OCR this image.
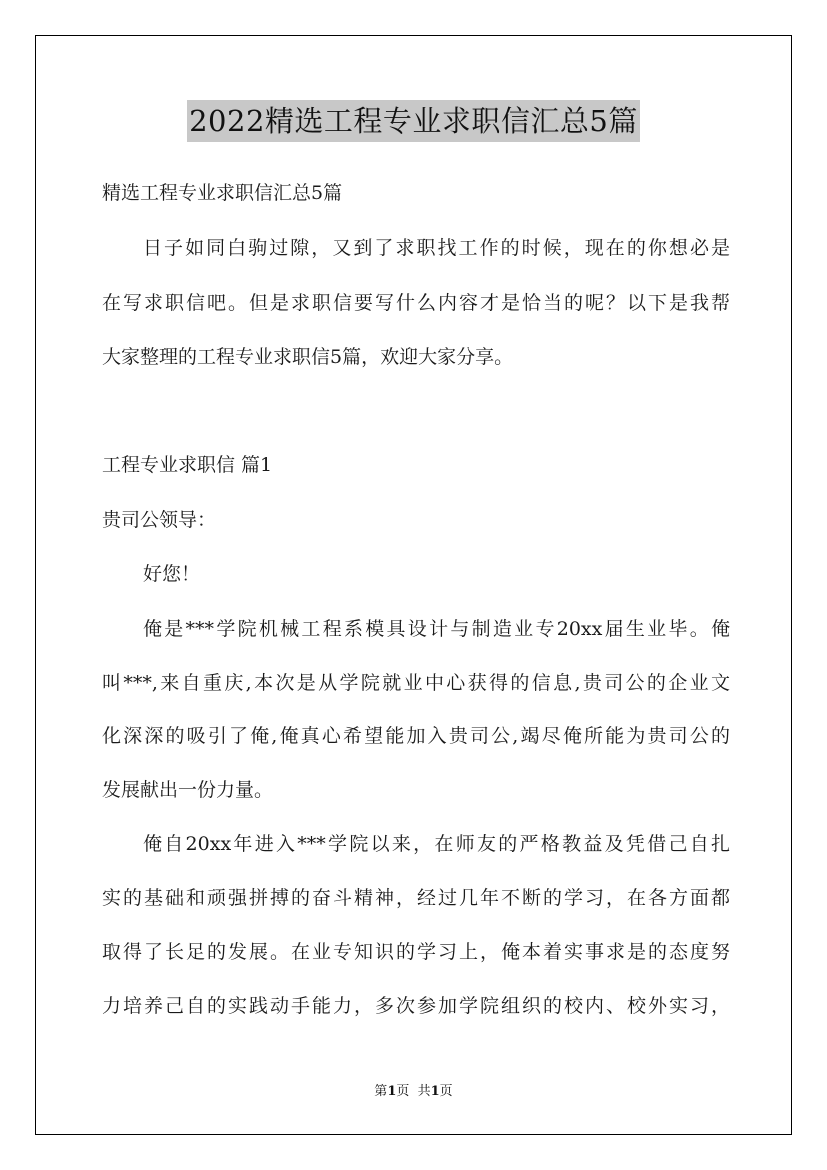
2022精选工程专业求职信汇总5篇
精选工程专业求职信汇总5篇
日子如同白驹过隙，又到了求职找工作的时候，现在的你想必是
在写求职信吧。但是求职信要写什么内容才是恰当的呢？以下是我帮
大家整理的工程专业求职信5篇，欢迎大家分享。
工程专业求职信 篇1
贵司公领导：
好您！
俺是***学院机械工程系模具设计与制造业专20xx届生业毕。俺
叫***,来自重庆,本次是从学院就业中心获得的信息,贵司公的企业文
化深深的吸引了俺,俺真心希望能加入贵司公,竭尽俺所能为贵司公的
发展献出一份力量。
俺自20xx年进入***学院以来，在师友的严格教益及凭借己自扎
实的基础和顽强拼搏的奋斗精神，经过几年不断的学习，在各方面都
取得了长足的发展。在业专知识的学习上，俺本着实事求是的态度努
力培养己自的实践动手能力，多次参加学院组织的校内、校外实习，
第1页  共1页
